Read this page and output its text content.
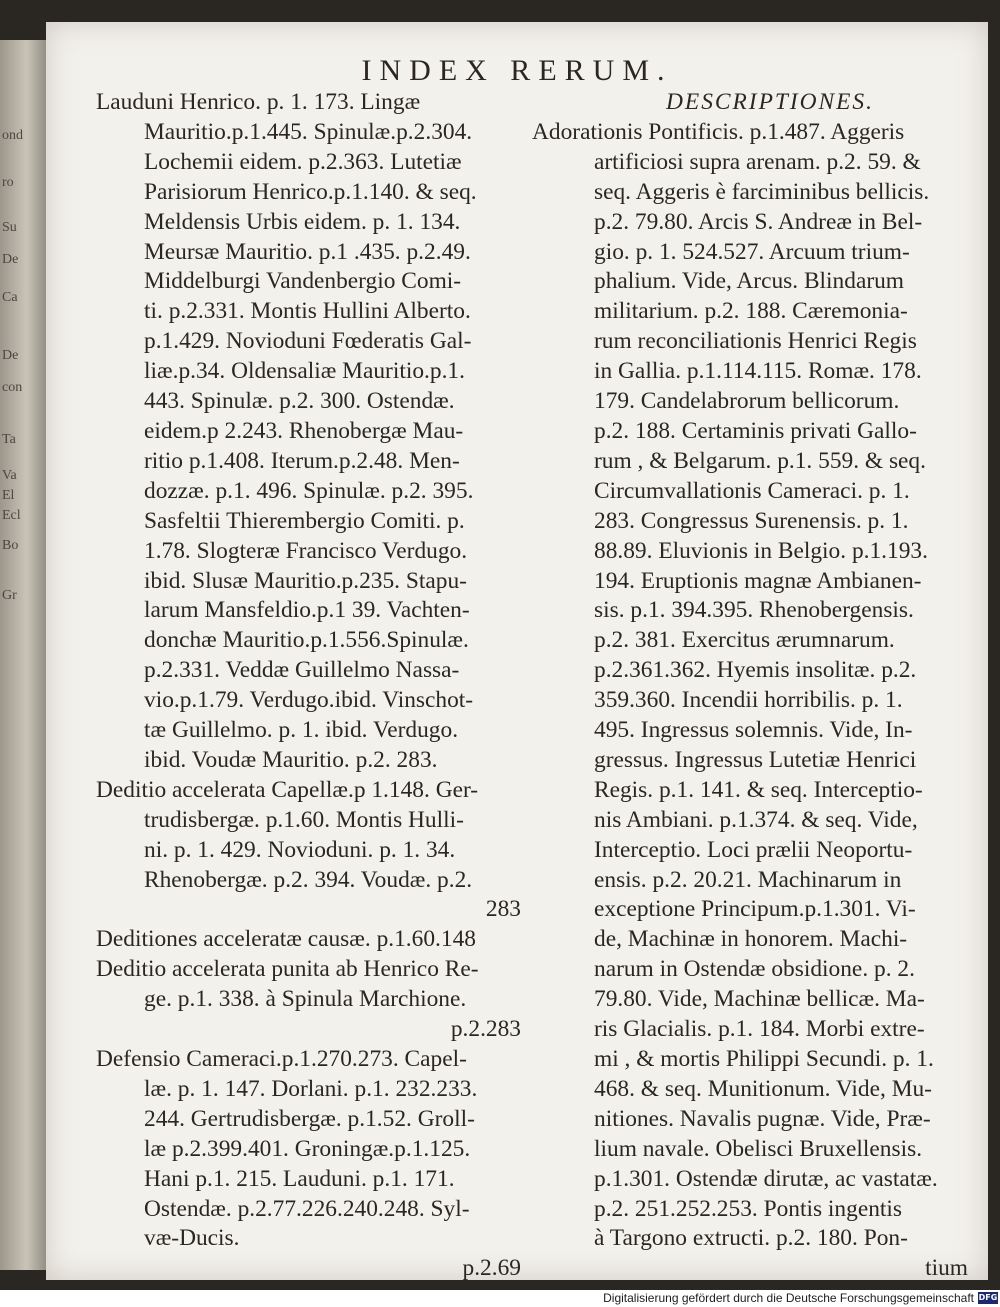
ond
ro
Su
De
Ca
De
con
Ta
Va
El
Ecl
Bo
Gr
INDEX RERUM.
Lauduni Henrico. p. 1. 173. Lingæ
Mauritio.p.1.445. Spinulæ.p.2.304.
Lochemii eidem. p.2.363. Lutetiæ
Parisiorum Henrico.p.1.140. & seq.
Meldensis Urbis eidem. p. 1. 134.
Meursæ Mauritio. p.1 .435. p.2.49.
Middelburgi Vandenbergio Comi-
ti. p.2.331. Montis Hullini Alberto.
p.1.429. Novioduni Fœderatis Gal-
liæ.p.34. Oldensaliæ Mauritio.p.1.
443. Spinulæ. p.2. 300. Ostendæ.
eidem.p 2.243. Rhenobergæ Mau-
ritio p.1.408. Iterum.p.2.48. Men-
dozzæ. p.1. 496. Spinulæ. p.2. 395.
Sasfeltii Thierembergio Comiti. p.
1.78. Slogteræ Francisco Verdugo.
ibid. Slusæ Mauritio.p.235. Stapu-
larum Mansfeldio.p.1 39. Vachten-
donchæ Mauritio.p.1.556.Spinulæ.
p.2.331. Veddæ Guillelmo Nassa-
vio.p.1.79. Verdugo.ibid. Vinschot-
tæ Guillelmo. p. 1. ibid. Verdugo.
ibid. Voudæ Mauritio. p.2. 283.
Deditio accelerata Capellæ.p 1.148. Ger-
trudisbergæ. p.1.60. Montis Hulli-
ni. p. 1. 429. Novioduni. p. 1. 34.
Rhenobergæ. p.2. 394. Voudæ. p.2.
283
Deditiones acceleratæ causæ. p.1.60.148
Deditio accelerata punita ab Henrico Re-
ge. p.1. 338. à Spinula Marchione.
p.2.283
Defensio Cameraci.p.1.270.273. Capel-
læ. p. 1. 147. Dorlani. p.1. 232.233.
244. Gertrudisbergæ. p.1.52. Groll-
læ p.2.399.401. Groningæ.p.1.125.
Hani p.1. 215. Lauduni. p.1. 171.
Ostendæ. p.2.77.226.240.248. Syl-
væ-Ducis.
p.2.69
DESCRIPTIONES.
Adorationis Pontificis. p.1.487. Aggeris
artificiosi supra arenam. p.2. 59. &
seq. Aggeris è farciminibus bellicis.
p.2. 79.80. Arcis S. Andreæ in Bel-
gio. p. 1. 524.527. Arcuum trium-
phalium. Vide, Arcus. Blindarum
militarium. p.2. 188. Cæremonia-
rum reconciliationis Henrici Regis
in Gallia. p.1.114.115. Romæ. 178.
179. Candelabrorum bellicorum.
p.2. 188. Certaminis privati Gallo-
rum , & Belgarum. p.1. 559. & seq.
Circumvallationis Cameraci. p. 1.
283. Congressus Surenensis. p. 1.
88.89. Eluvionis in Belgio. p.1.193.
194. Eruptionis magnæ Ambianen-
sis. p.1. 394.395. Rhenobergensis.
p.2. 381. Exercitus ærumnarum.
p.2.361.362. Hyemis insolitæ. p.2.
359.360. Incendii horribilis. p. 1.
495. Ingressus solemnis. Vide, In-
gressus. Ingressus Lutetiæ Henrici
Regis. p.1. 141. & seq. Interceptio-
nis Ambiani. p.1.374. & seq. Vide,
Interceptio. Loci prælii Neoportu-
ensis. p.2. 20.21. Machinarum in
exceptione Principum.p.1.301. Vi-
de, Machinæ in honorem. Machi-
narum in Ostendæ obsidione. p. 2.
79.80. Vide, Machinæ bellicæ. Ma-
ris Glacialis. p.1. 184. Morbi extre-
mi , & mortis Philippi Secundi. p. 1.
468. & seq. Munitionum. Vide, Mu-
nitiones. Navalis pugnæ. Vide, Præ-
lium navale. Obelisci Bruxellensis.
p.1.301. Ostendæ dirutæ, ac vastatæ.
p.2. 251.252.253. Pontis ingentis
à Targono extructi. p.2. 180. Pon-
tium
Digitalisierung gefördert durch die Deutsche Forschungsgemeinschaft DFG
